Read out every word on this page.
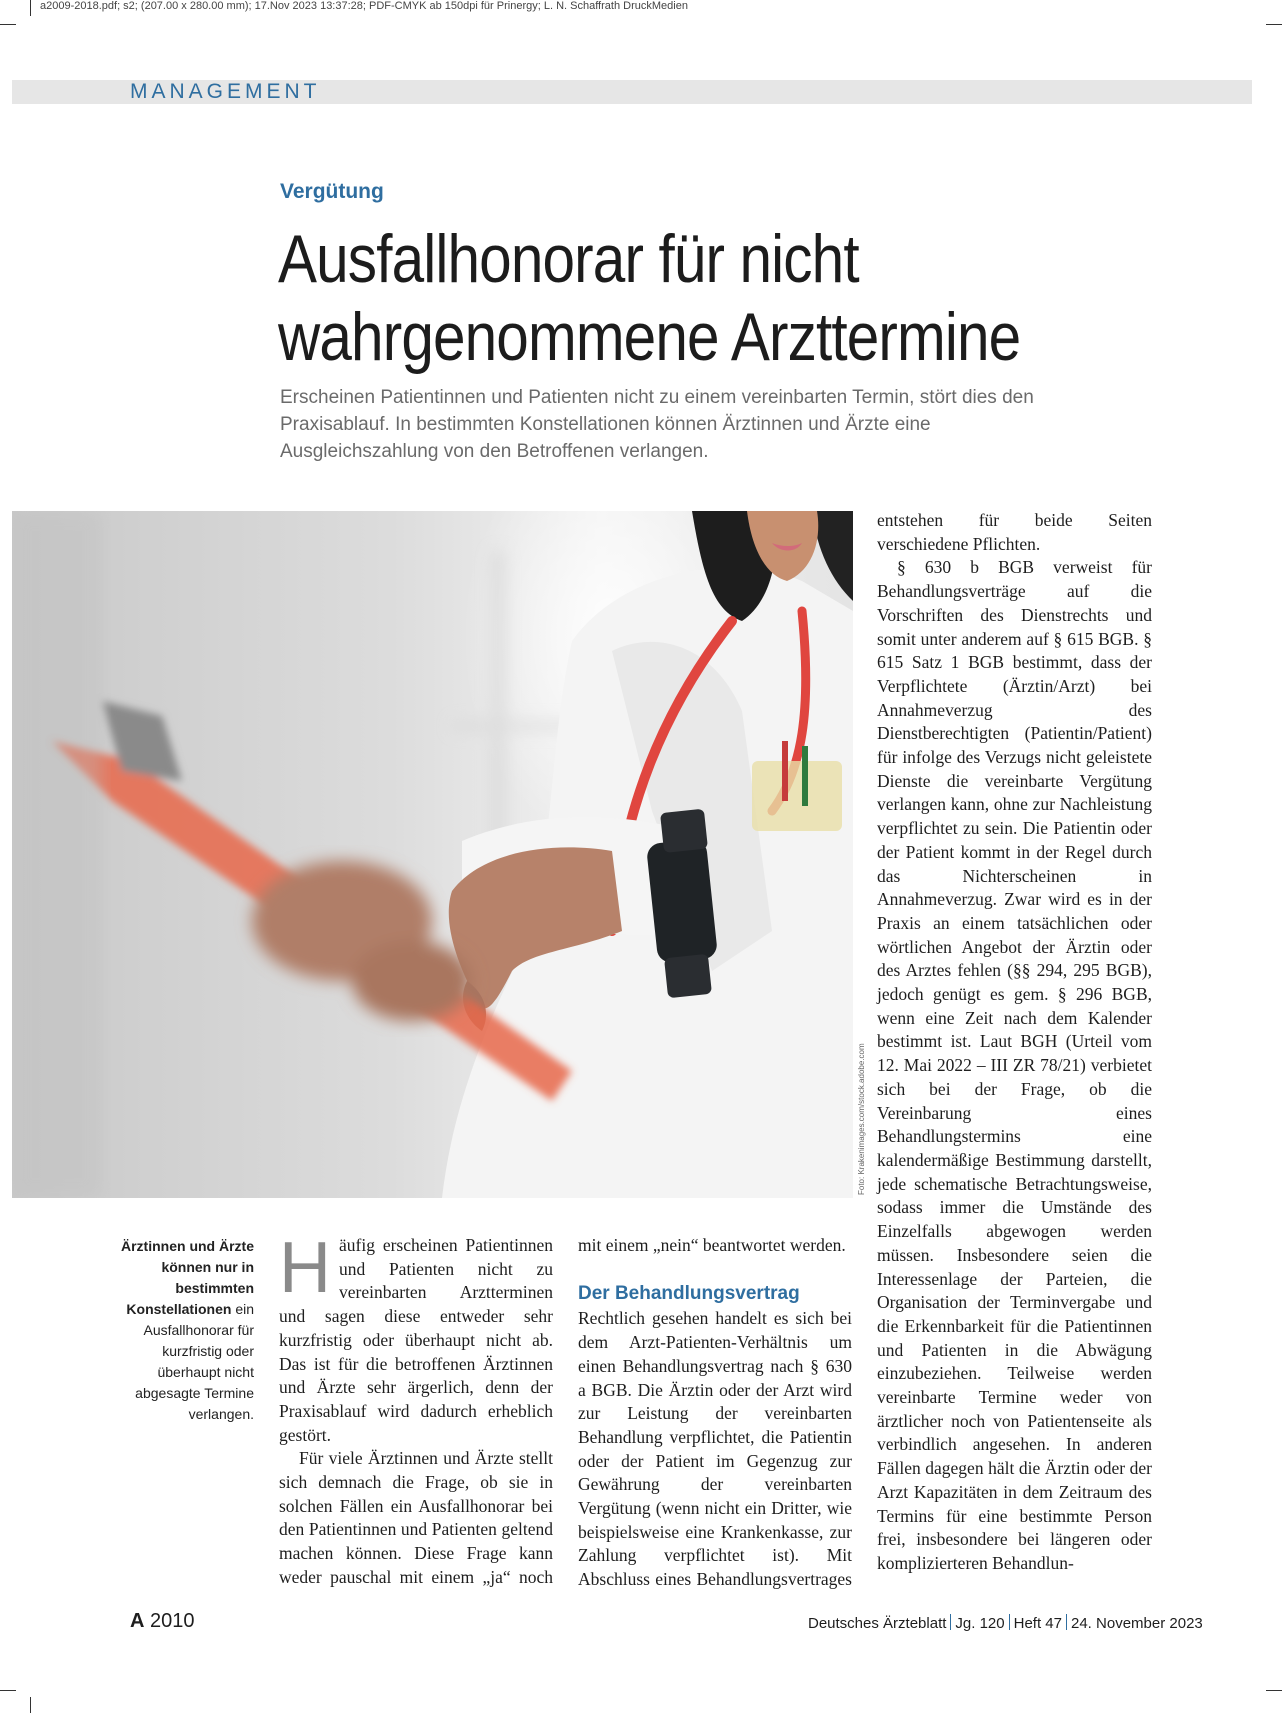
a2009-2018.pdf; s2; (207.00 x 280.00 mm); 17.Nov 2023 13:37:28; PDF-CMYK ab 150dpi für Prinergy; L. N. Schaffrath DruckMedien
MANAGEMENT
Vergütung
Ausfallhonorar für nicht
wahrgenommene Arzttermine
Erscheinen Patientinnen und Patienten nicht zu einem vereinbarten Termin, stört dies den Praxisablauf. In bestimmten Konstellationen können Ärztinnen und Ärzte eine Ausgleichszahlung von den Betroffenen verlangen.
Foto: Krakenimages.com/stock.adobe.com
Ärztinnen und Ärzte können nur in bestimmten Konstellationen ein Ausfallhonorar für kurzfristig oder überhaupt nicht abgesagte Termine verlangen.

Häufig erscheinen Patientinnen und Patienten nicht zu vereinbarten Arztterminen und sagen diese entweder sehr kurzfristig oder überhaupt nicht ab. Das ist für die betroffenen Ärztinnen und Ärzte sehr ärgerlich, denn der Praxisablauf wird dadurch erheblich gestört.

Für viele Ärztinnen und Ärzte stellt sich demnach die Frage, ob sie in solchen Fällen ein Ausfallhonorar bei den Patientinnen und Patienten geltend machen können. Diese Frage kann weder pauschal mit einem „ja“ noch

mit einem „nein“ beantwortet werden.

Der Behandlungsvertrag

Rechtlich gesehen handelt es sich bei dem Arzt-Patienten-Verhältnis um einen Behandlungsvertrag nach § 630 a BGB. Die Ärztin oder der Arzt wird zur Leistung der vereinbarten Behandlung verpflichtet, die Patientin oder der Patient im Gegenzug zur Gewährung der vereinbarten Vergütung (wenn nicht ein Dritter, wie beispielsweise eine Krankenkasse, zur Zahlung verpflichtet ist). Mit Abschluss eines Behandlungsvertrages

entstehen für beide Seiten verschiedene Pflichten.

§ 630 b BGB verweist für Behandlungsverträge auf die Vorschriften des Dienstrechts und somit unter anderem auf § 615 BGB. § 615 Satz 1 BGB bestimmt, dass der Verpflichtete (Ärztin/Arzt) bei Annahmeverzug des Dienstberechtigten (Patientin/Patient) für infolge des Verzugs nicht geleistete Dienste die vereinbarte Vergütung verlangen kann, ohne zur Nachleistung verpflichtet zu sein. Die Patientin oder der Patient kommt in der Regel durch das Nichterscheinen in Annahmeverzug. Zwar wird es in der Praxis an einem tatsächlichen oder wörtlichen Angebot der Ärztin oder des Arztes fehlen (§§ 294, 295 BGB), jedoch genügt es gem. § 296 BGB, wenn eine Zeit nach dem Kalender bestimmt ist. Laut BGH (Urteil vom 12. Mai 2022 – III ZR 78/21) verbietet sich bei der Frage, ob die Vereinbarung eines Behandlungstermins eine kalendermäßige Bestimmung darstellt, jede schematische Betrachtungsweise, sodass immer die Umstände des Einzelfalls abgewogen werden müssen. Insbesondere seien die Interessenlage der Parteien, die Organisation der Terminvergabe und die Erkennbarkeit für die Patientinnen und Patienten in die Abwägung einzubeziehen. Teilweise werden vereinbarte Termine weder von ärztlicher noch von Patientenseite als verbindlich angesehen. In anderen Fällen dagegen hält die Ärztin oder der Arzt Kapazitäten in dem Zeitraum des Termins für eine bestimmte Person frei, insbesondere bei längeren oder komplizierteren Behandlun-

A 2010	Deutsches Ärzteblatt Jg. 120 Heft 47 24. November 2023
